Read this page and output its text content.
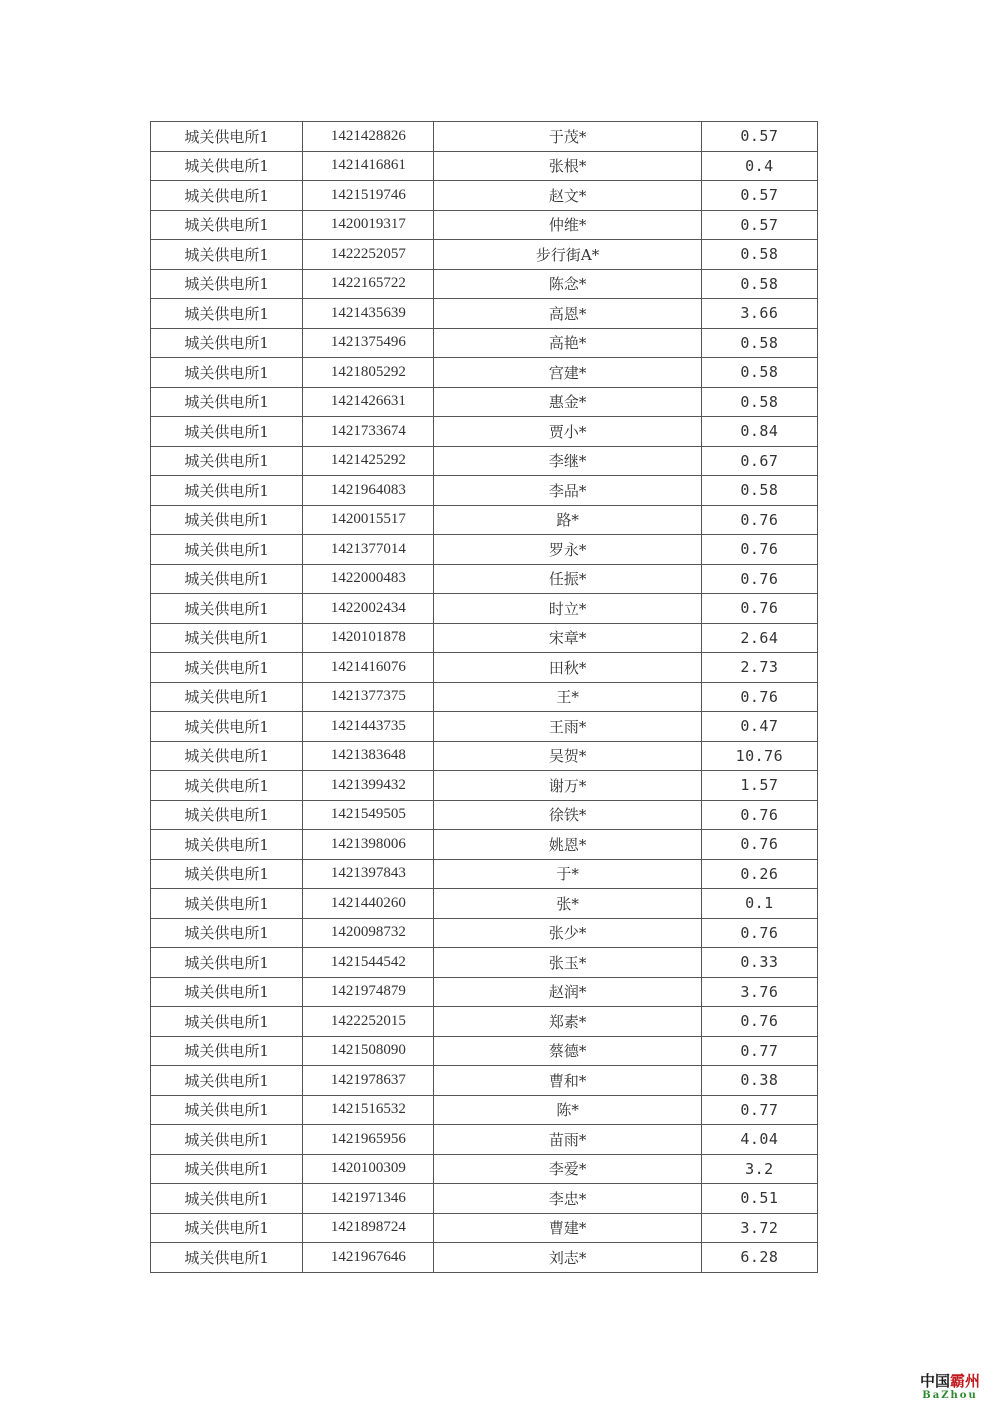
城关供电所1	1421428826	于茂*	0.57
城关供电所1	1421416861	张根*	0.4
城关供电所1	1421519746	赵文*	0.57
城关供电所1	1420019317	仲维*	0.57
城关供电所1	1422252057	步行街A*	0.58
城关供电所1	1422165722	陈念*	0.58
城关供电所1	1421435639	高恩*	3.66
城关供电所1	1421375496	高艳*	0.58
城关供电所1	1421805292	宫建*	0.58
城关供电所1	1421426631	惠金*	0.58
城关供电所1	1421733674	贾小*	0.84
城关供电所1	1421425292	李继*	0.67
城关供电所1	1421964083	李品*	0.58
城关供电所1	1420015517	路*	0.76
城关供电所1	1421377014	罗永*	0.76
城关供电所1	1422000483	任振*	0.76
城关供电所1	1422002434	时立*	0.76
城关供电所1	1420101878	宋章*	2.64
城关供电所1	1421416076	田秋*	2.73
城关供电所1	1421377375	王*	0.76
城关供电所1	1421443735	王雨*	0.47
城关供电所1	1421383648	吴贺*	10.76
城关供电所1	1421399432	谢万*	1.57
城关供电所1	1421549505	徐铁*	0.76
城关供电所1	1421398006	姚恩*	0.76
城关供电所1	1421397843	于*	0.26
城关供电所1	1421440260	张*	0.1
城关供电所1	1420098732	张少*	0.76
城关供电所1	1421544542	张玉*	0.33
城关供电所1	1421974879	赵润*	3.76
城关供电所1	1422252015	郑素*	0.76
城关供电所1	1421508090	蔡德*	0.77
城关供电所1	1421978637	曹和*	0.38
城关供电所1	1421516532	陈*	0.77
城关供电所1	1421965956	苗雨*	4.04
城关供电所1	1420100309	李爱*	3.2
城关供电所1	1421971346	李忠*	0.51
城关供电所1	1421898724	曹建*	3.72
城关供电所1	1421967646	刘志*	6.28
中国霸州
BaZhou
